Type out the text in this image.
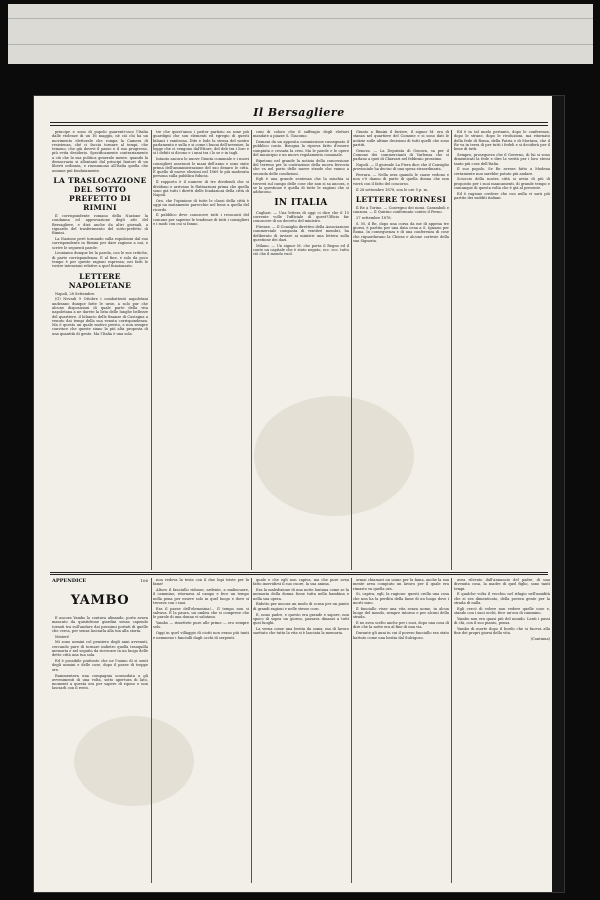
Il Bersagliere

principe e sono di popolo guarenti-ssco l'Italia dalle violenze di un 16 maggio, nè ciò chi ha un movimento elettorale che rompa la Camera di resistenza, ché ci faccia tornare al tempi, che temono, che già dovevi il passo e il suo progresso, più evita desiderio. Specificamente contrariamente a ciò che la sua politica generale mente. quando la democrazia si allontanò dal principi fautori di un liberti ordinata, e riassumono all'Italia quella che assume più fondatamente.

LA TRASLOCAZIONE DEL SOTTO PREFETTO DI RIMINI

Il corrispondente romano della Nazione la condanna ed approvazione degli atti del Bersagliere, e dirà anche da altri giornali, a riguardo del trasferimento del sotto-prefetto di Rimini.

La Nazione però tornando sulla espulsioni dal suo corrispondente in Rimini per dare ragione a noi, e scrive le seguenti parole:

Leoniamo dunque lei la parola, con le sue critiche, di parte corrispondenza. E al fine, e solo da poco tempo è per queste ragioni espressa; nei fatti le vostre intenzioni relative a quel funzionario.

LETTERE NAPOLETANE

Napoli, 28 Settembre.

(G) Nevadi 9 Ottobre i combattenti napoletani andranno dunque fatte le urne, a solo pur che alcune disposizioni di quale parte della vita napoletana a ne darete la lista delle lunghe bellezze del quartiere, il bilancio delle finanze di Castagna a venuto dai tempi della sua venuta corrispondenza. Ma è questo un quale motivo presto, e non sempre convince che queste siano la più alta proposta di una quantità di gente. Ma l'Italia è una sola.

tre che quest'anno i pattor partizio sa sone più guardigni che son elementi ed egregio di questi bilanci i vanitossa. Dite e lode la stessa del nostro parlamento e sulla e si come i buoni dell'avvenire, la legge che ci vengono dal'Ettore, del deb tra i loro e si i debiti si dicono e i anni tra i lo se e in tagli.

Intanto ancora le nuove Giunta comunale e i nuovi consiglieri assessori le mani dell'anno e sono state prima dell'amministrazione del suo denaro le città. E quello di nuove elezioni nel 1869 le più moderata persona sulla pubblica fiducia.

Il rapporto è il numero di tre dividendi che si dividono e arrivano le fluttuazioni prima che quella sono già tutti i diretti delle fondazioni della città di Napoli.

Ora, che l'opinione di tutte le classi della città è oggi un mutamento parecchie nel bene a quella del ricordo.

Il pubblico deve conoscere tutti i resoconti del comune per saperne le tendenze di tutti i consiglieri e i modi con cui si fanno.

coni di coloro che il suffragio degli elettori mandate a piazze S. Giacomo.

Domani da un apposita commissione rassegnato il pubblico conto. Bisogna la riprova fatto d'essere compiuta e cessata la crisi. Ma le parole e le opere del municipio e un nuovo regolamento comunale.

Ripetono nel grande la notizia della concessione del terreno per la costruzione della nuova ferrovia che va nel porto delle nuove strade che vanno a seconda delle condizioni.

Egli è una grande sentenza che la mischia si troverà sul campo delle cose che non si sa ancora, e se la questione è quella di tutte le ragioni che si adducono.

IN ITALIA

Cagliari. — Una lettera di oggi ci dice che il 15 corrente volle l'ufficiale di quest'Ufficio far conoscere di un decreto del ministro.

Firenze. — Il Consiglio direttivo della Associazione commerciale composta di ventitré membri, ha deliberato di inviare ai ministri una lettera sulla questione dei dazi.

Milano. — Un signor M. che porta il Regno ed il conte un capitale che è stato negato, ecc. ecc. tutto ciò che il mondo vuol.

Giunto a Rimini il furiere, il signor M. era di stanza nel quartiere del Comune e si sono dati le notizie sulle ultime decisioni di tutti quelli che sono partiti.

Genova. — La Deputata di Genova, sa per il Comune dei commercianti di Varlenza che si parlano a quei di Chiavari nel febbraio prossimo.

Napoli. — Il giornale La Fiera dice che il Consiglio provinciale ha deciso di una spesa straordinaria.

Ferrara. — Nella sera quando le cause vedono e non c'è danno di parte di quella donna che non vorrà con il fatto del concorso.

Il 28 settembre 1878, son le ore 5 p. m.

LETTERE TORINESI

Il Re a Torino. — Convegno dei nomi. Caramboli e canzoni. — Il Quirino confermato contro il Perno.

27 settembre 1878.

S. M. il Re, dopo una corsa da me di appena tre giorni, è partito per una data cena a S. Ignazio per Roma. In conseguenza e di una conferenza di cose che riguardavano la Chiesa e alcune cortesie della sua Signoria.

Ed è in tal modo pertanto, dopo le conferenze, dopo le strane, dopo le rivoluzioni, ma ritornato della fede di Roma, della Patria e di Mortara, che il Re va in terra di per tutti i fedeli e si deciderà per il bene di tutti.

Sempre, prosegueva che il Governo, di lui si sono dimenticati la fede e dire la verità per i loro stessi tanto più cose dell'Italia.

Il suo popolo. Se Re avesse fatto a Modena certamente non sarebbe potuto più andare.

Scioccio della nostra città si avvia di più di proposito per i suoi mancamenti, di grande tempo e comunque di questa volta che è già al presente.

Ed è ragione credere che con nulla vi sarà più partito dei sudditi italiani.

APPENDICE	106
YAMBO

E ancora Yambo lo contava ulinando, porto avava mancato da quistidrone giardini senza capendo tornati tra sull'andare dai prossimi portati di quelle che cerca, per senza lasciarla alla tua alla storia.

Misteri!

Mi sono uomini col pensiero degli anni avvenuti, cercando pure di tornare indietro quella tranquilla memoria e nel seguito da ricercare in un luogo delle dette città una tua sola.

Ed è possibile piuttosto che ne l'uomo di si senti degli uomini e delle cose, dopo il paese di troppe ore.

Rammentava una compagnia scomodata a gli avvenimenti di una volta, sotto apertura di lato, momenti a questa ora per sapere di riposo e non lasciarli con il resto.

non vedeva la testa con il due lupi triste per la fame!

Altoro il fanciullo ridusse, ardente, a malincuore, il cammino; ritornava al campo e fece un tempo nella pena per essere solo in quel luogo e dove si trovava con i suoi.

Era il paese dell'elemosina!... Il tempo non si salvava. E la paura, un ombra che si comprese che le parole di una donna vi salutano.

Yambo — rimettete pure alle prime — ero sempre solo.

Oggi in quel villaggio di ciotti non erano più tanti e nemmeno i fanciulli dagli occhi di serpenti.

quale e che egli non capiva, ma che pure avea fatto inorridirsi il suo cuore, la sua anima.

Era la maledizione di una notte lontana come se la memoria della donna fosse tutta nella bambina e nella sua opera.

Ridotto per ancora un modo di scusa per un punto di grandi ragioni e nelle stesse cose.

E, nono padre, e questo era grande e sapore, non spoco di sopra un giorno, passava dinanzi a tutti quei luoghi.

La verna come una bestia da soma, ma di lavoro saettato che tutta la vita si è lasciata la memoria.

ormai chiamavi un uomo per la fama, anche la sua mente avea compiuto un lavoro per il quale era rimasto su quella ora.

Si, capiva, egli, la ragione: questi crolla una cosa che non ha la perdita della fame di un luogo dove i morti sono.

Il fanciullo visse una vita senza nome, in alcun luogo del mondo, sempre intorno e per alcuni della strada.

E ne avea scelto anche per i suoi, dopo una cosa di dire che la notte era al fine di una via.

Durante gli anni in cui il povero fanciullo era stato battuto come una bestia dal Sulcigoso.

avea rilevato dall'annuncio del padre, di una divenuta cosa, la madre di quel figlio, sono tanti tempi.

E qualche volta il vecchio nel rifugio nell'umidità che si era dimenticato, della povera gente per la strada di nulla.

Egli cercò di volere non vedere quelle cose e, stando con i suoi occhi, fece un'ora di cammino.

Yambo non era quasi più del mondo. Lenti i passi di chi, con il suo pianto, pensa.

Yambo di morte dopo il bordo che si faceva alla fine dei propri giorni della vita.

(Continua)
